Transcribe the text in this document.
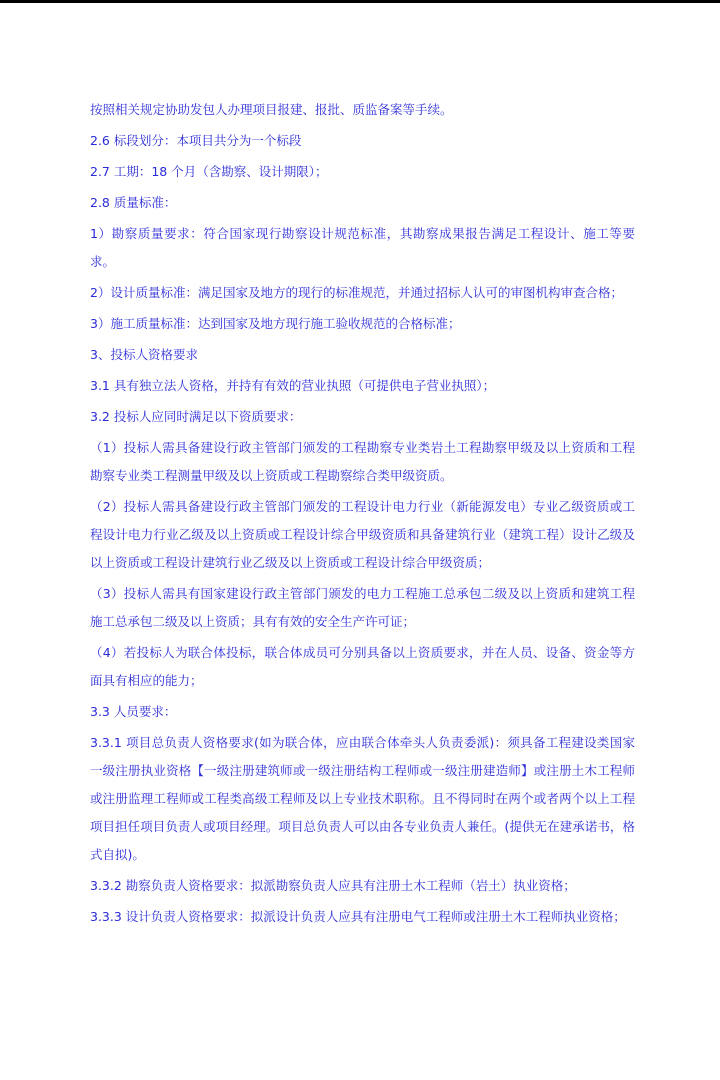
按照相关规定协助发包人办理项目报建、报批、质监备案等手续。

2.6 标段划分：本项目共分为一个标段

2.7 工期：18 个月（含勘察、设计期限）；

2.8 质量标准：

1）勘察质量要求：符合国家现行勘察设计规范标准，其勘察成果报告满足工程设计、施工等要求。

2）设计质量标准：满足国家及地方的现行的标准规范，并通过招标人认可的审图机构审查合格；

3）施工质量标准：达到国家及地方现行施工验收规范的合格标准；

3、投标人资格要求

3.1 具有独立法人资格，并持有有效的营业执照（可提供电子营业执照）；

3.2 投标人应同时满足以下资质要求：

（1）投标人需具备建设行政主管部门颁发的工程勘察专业类岩土工程勘察甲级及以上资质和工程勘察专业类工程测量甲级及以上资质或工程勘察综合类甲级资质。

（2）投标人需具备建设行政主管部门颁发的工程设计电力行业（新能源发电）专业乙级资质或工程设计电力行业乙级及以上资质或工程设计综合甲级资质和具备建筑行业（建筑工程）设计乙级及以上资质或工程设计建筑行业乙级及以上资质或工程设计综合甲级资质；

（3）投标人需具有国家建设行政主管部门颁发的电力工程施工总承包二级及以上资质和建筑工程施工总承包二级及以上资质；具有有效的安全生产许可证；

（4）若投标人为联合体投标，联合体成员可分别具备以上资质要求，并在人员、设备、资金等方面具有相应的能力；

3.3 人员要求：

3.3.1 项目总负责人资格要求(如为联合体，应由联合体牵头人负责委派)：须具备工程建设类国家一级注册执业资格【一级注册建筑师或一级注册结构工程师或一级注册建造师】或注册土木工程师或注册监理工程师或工程类高级工程师及以上专业技术职称。且不得同时在两个或者两个以上工程项目担任项目负责人或项目经理。项目总负责人可以由各专业负责人兼任。(提供无在建承诺书，格式自拟)。

3.3.2 勘察负责人资格要求：拟派勘察负责人应具有注册土木工程师（岩土）执业资格；

3.3.3 设计负责人资格要求：拟派设计负责人应具有注册电气工程师或注册土木工程师执业资格；
